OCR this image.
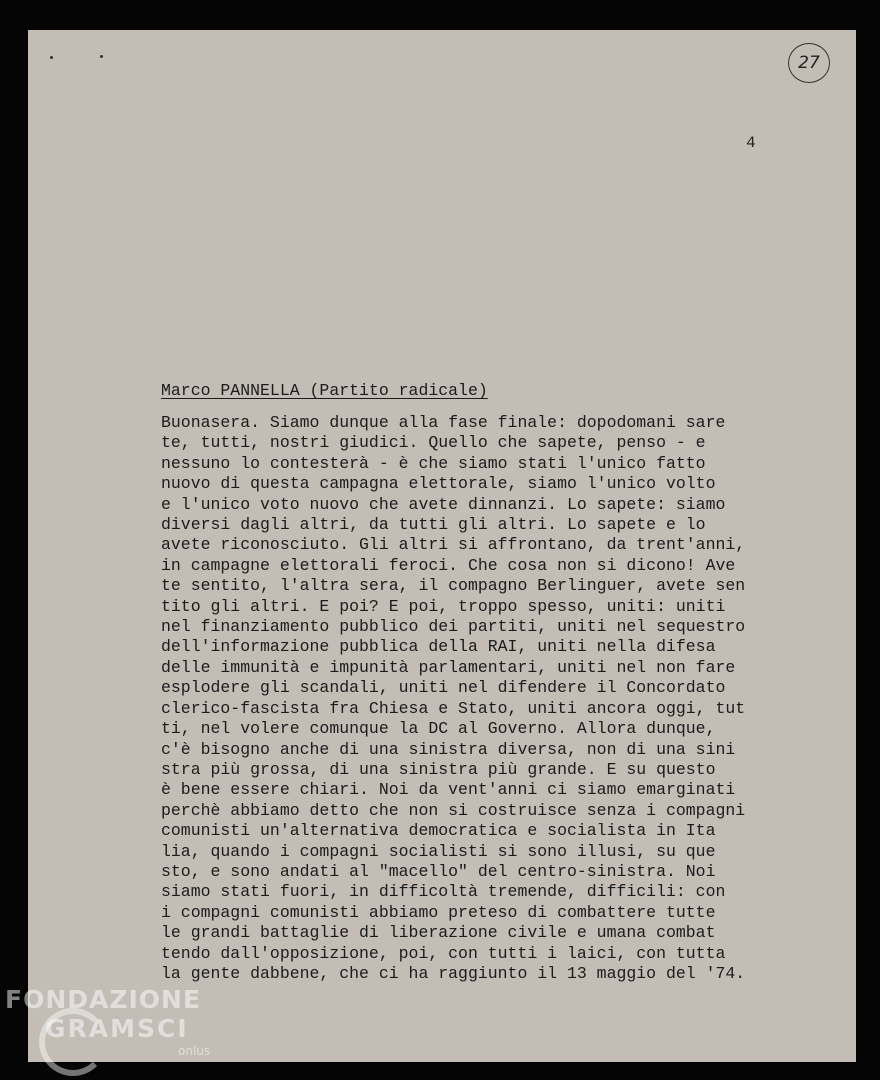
27
4
Marco PANNELLA (Partito radicale)
Buonasera. Siamo dunque alla fase finale: dopodomani sare
te, tutti, nostri giudici. Quello che sapete, penso - e
nessuno lo contesterà - è che siamo stati l'unico fatto
nuovo di questa campagna elettorale, siamo l'unico volto
e l'unico voto nuovo che avete dinnanzi. Lo sapete: siamo
diversi dagli altri, da tutti gli altri. Lo sapete e lo
avete riconosciuto. Gli altri si affrontano, da trent'anni,
in campagne elettorali feroci. Che cosa non si dicono! Ave
te sentito, l'altra sera, il compagno Berlinguer, avete sen
tito gli altri. E poi? E poi, troppo spesso, uniti: uniti
nel finanziamento pubblico dei partiti, uniti nel sequestro
dell'informazione pubblica della RAI, uniti nella difesa
delle immunità e impunità parlamentari, uniti nel non fare
esplodere gli scandali, uniti nel difendere il Concordato
clerico-fascista fra Chiesa e Stato, uniti ancora oggi, tut
ti, nel volere comunque la DC al Governo. Allora dunque,
c'è bisogno anche di una sinistra diversa, non di una sini
stra più grossa, di una sinistra più grande. E su questo
è bene essere chiari. Noi da vent'anni ci siamo emarginati
perchè abbiamo detto che non si costruisce senza i compagni
comunisti un'alternativa democratica e socialista in Ita
lia, quando i compagni socialisti si sono illusi, su que
sto, e sono andati al "macello" del centro-sinistra. Noi
siamo stati fuori, in difficoltà tremende, difficili: con
i compagni comunisti abbiamo preteso di combattere tutte
le grandi battaglie di liberazione civile e umana combat
tendo dall'opposizione, poi, con tutti i laici, con tutta
la gente dabbene, che ci ha raggiunto il 13 maggio del '74.
FONDAZIONE
GRAMSCI
onlus
